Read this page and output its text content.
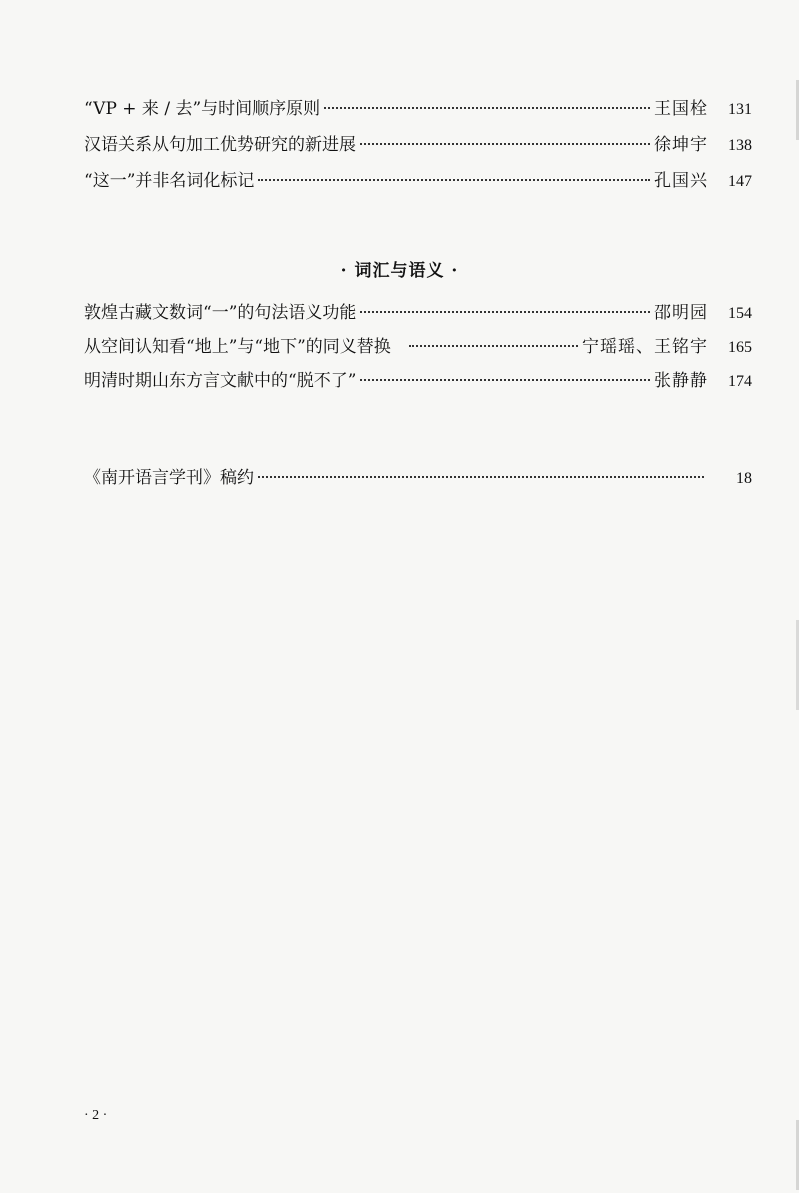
“VP + 来 / 去”与时间顺序原则	王国栓	131
汉语关系从句加工优势研究的新进展	徐坤宇	138
“这一”并非名词化标记	孔国兴	147
· 词汇与语义 ·
敦煌古藏文数词“一”的句法语义功能	邵明园	154
从空间认知看“地上”与“地下”的同义替换	宁瑶瑶、王铭宇	165
明清时期山东方言文献中的“脱不了”	张静静	174
《南开语言学刊》稿约	18
· 2 ·
